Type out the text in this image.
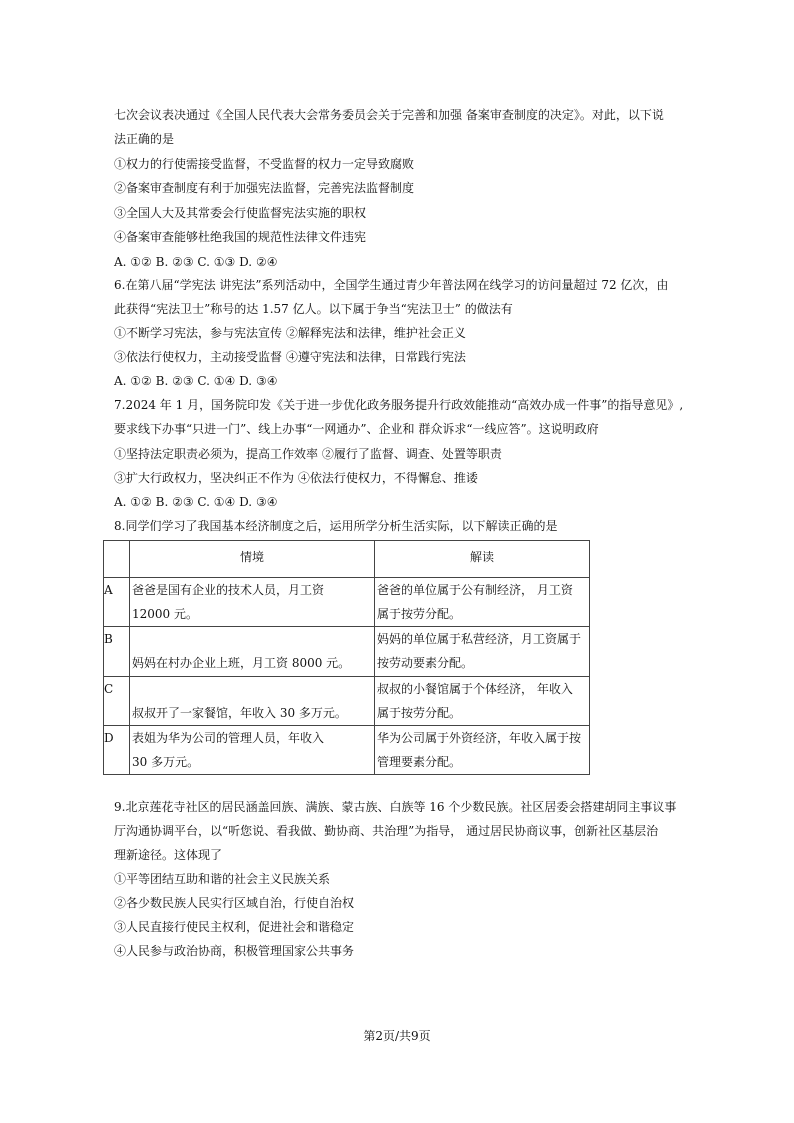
七次会议表决通过《全国人民代表大会常务委员会关于完善和加强 备案审查制度的决定》。对此，以下说
法正确的是
①权力的行使需接受监督，不受监督的权力一定导致腐败
②备案审查制度有利于加强宪法监督，完善宪法监督制度
③全国人大及其常委会行使监督宪法实施的职权
④备案审查能够杜绝我国的规范性法律文件违宪
A. ①② B. ②③ C. ①③ D. ②④
6.在第八届“学宪法 讲宪法”系列活动中，全国学生通过青少年普法网在线学习的访问量超过 72 亿次，由
此获得“宪法卫士”称号的达 1.57 亿人。以下属于争当“宪法卫士” 的做法有
①不断学习宪法，参与宪法宣传 ②解释宪法和法律，维护社会正义
③依法行使权力，主动接受监督 ④遵守宪法和法律，日常践行宪法
A. ①② B. ②③ C. ①④ D. ③④
7.2024 年 1 月，国务院印发《关于进一步优化政务服务提升行政效能推动“高效办成一件事”的指导意见》,
要求线下办事“只进一门”、线上办事“一网通办”、企业和 群众诉求“一线应答”。这说明政府
①坚持法定职责必须为，提高工作效率 ②履行了监督、调查、处置等职责
③扩大行政权力，坚决纠正不作为 ④依法行使权力，不得懈怠、推诿
A. ①② B. ②③ C. ①④ D. ③④
8.同学们学习了我国基本经济制度之后，运用所学分析生活实际，以下解读正确的是
情境	解读
A 爸爸是国有企业的技术人员，月工资
12000 元。
爸爸的单位属于公有制经济， 月工资
属于按劳分配。
B
妈妈在村办企业上班，月工资 8000 元。
妈妈的单位属于私营经济，月工资属于
按劳动要素分配。
C
叔叔开了一家餐馆，年收入 30 多万元。
叔叔的小餐馆属于个体经济， 年收入
属于按劳分配。
D 表姐为华为公司的管理人员，年收入
30 多万元。
华为公司属于外资经济，年收入属于按
管理要素分配。
9.北京莲花寺社区的居民涵盖回族、满族、蒙古族、白族等 16 个少数民族。社区居委会搭建胡同主事议事
厅沟通协调平台，以“听您说、看我做、勤协商、共治理”为指导， 通过居民协商议事，创新社区基层治
理新途径。这体现了
①平等团结互助和谐的社会主义民族关系
②各少数民族人民实行区域自治，行使自治权
③人民直接行使民主权利，促进社会和谐稳定
④人民参与政治协商，积极管理国家公共事务
第2页/共9页
